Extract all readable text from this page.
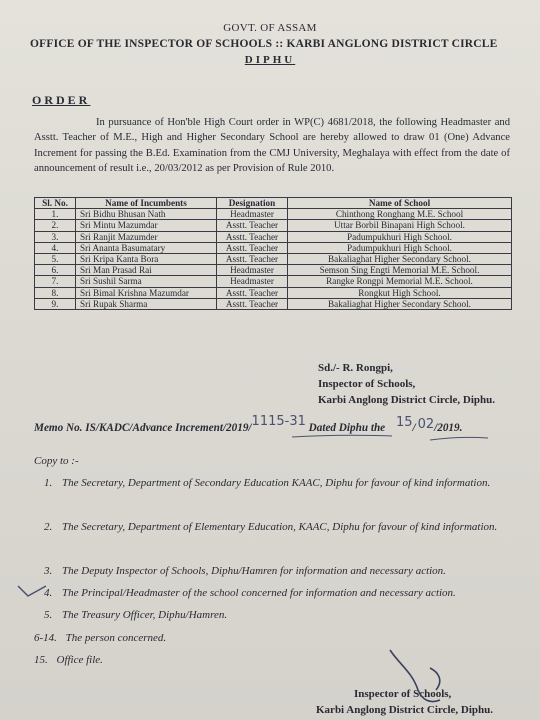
GOVT. OF ASSAM
OFFICE OF THE INSPECTOR OF SCHOOLS :: KARBI ANGLONG DISTRICT CIRCLE
DIPHU
ORDER
In pursuance of Hon'ble High Court order in WP(C) 4681/2018, the following Headmaster and Asstt. Teacher of M.E., High and Higher Secondary School are hereby allowed to draw 01 (One) Advance Increment for passing the B.Ed. Examination from the CMJ University, Meghalaya with effect from the date of announcement of result i.e., 20/03/2012 as per Provision of Rule 2010.
Sl. No.	Name of Incumbents	Designation	Name of School
1.	Sri Bidhu Bhusan Nath	Headmaster	Chinthong Ronghang M.E. School
2.	Sri Mintu Mazumdar	Asstt. Teacher	Uttar Borbil Binapani High School.
3.	Sri Ranjit Mazumder	Asstt. Teacher	Padumpukhuri High School.
4.	Sri Ananta Basumatary	Asstt. Teacher	Padumpukhuri High School.
5.	Sri Kripa Kanta Bora	Asstt. Teacher	Bakaliaghat Higher Secondary School.
6.	Sri Man Prasad Rai	Headmaster	Semson Sing Engti Memorial M.E. School.
7.	Sri Sushil Sarma	Headmaster	Rangke Rongpi Memorial M.E. School.
8.	Sri Bimal Krishna Mazumdar	Asstt. Teacher	Rongkut High School.
9.	Sri Rupak Sharma	Asstt. Teacher	Bakaliaghat Higher Secondary School.
Sd./- R. Rongpi,
Inspector of Schools,
Karbi Anglong District Circle, Diphu.
Memo No. IS/KADC/Advance Increment/2019/1115-31 Dated Diphu the 15/ 02/2019.
Copy to :-
1. The Secretary, Department of Secondary Education KAAC, Diphu for favour of kind information.
2. The Secretary, Department of Elementary Education, KAAC, Diphu for favour of kind information.
3. The Deputy Inspector of Schools, Diphu/Hamren for information and necessary action.
4. The Principal/Headmaster of the school concerned for information and necessary action.
5. The Treasury Officer, Diphu/Hamren.
6-14. The person concerned.
15. Office file.
Inspector of Schools,
Karbi Anglong District Circle, Diphu.
